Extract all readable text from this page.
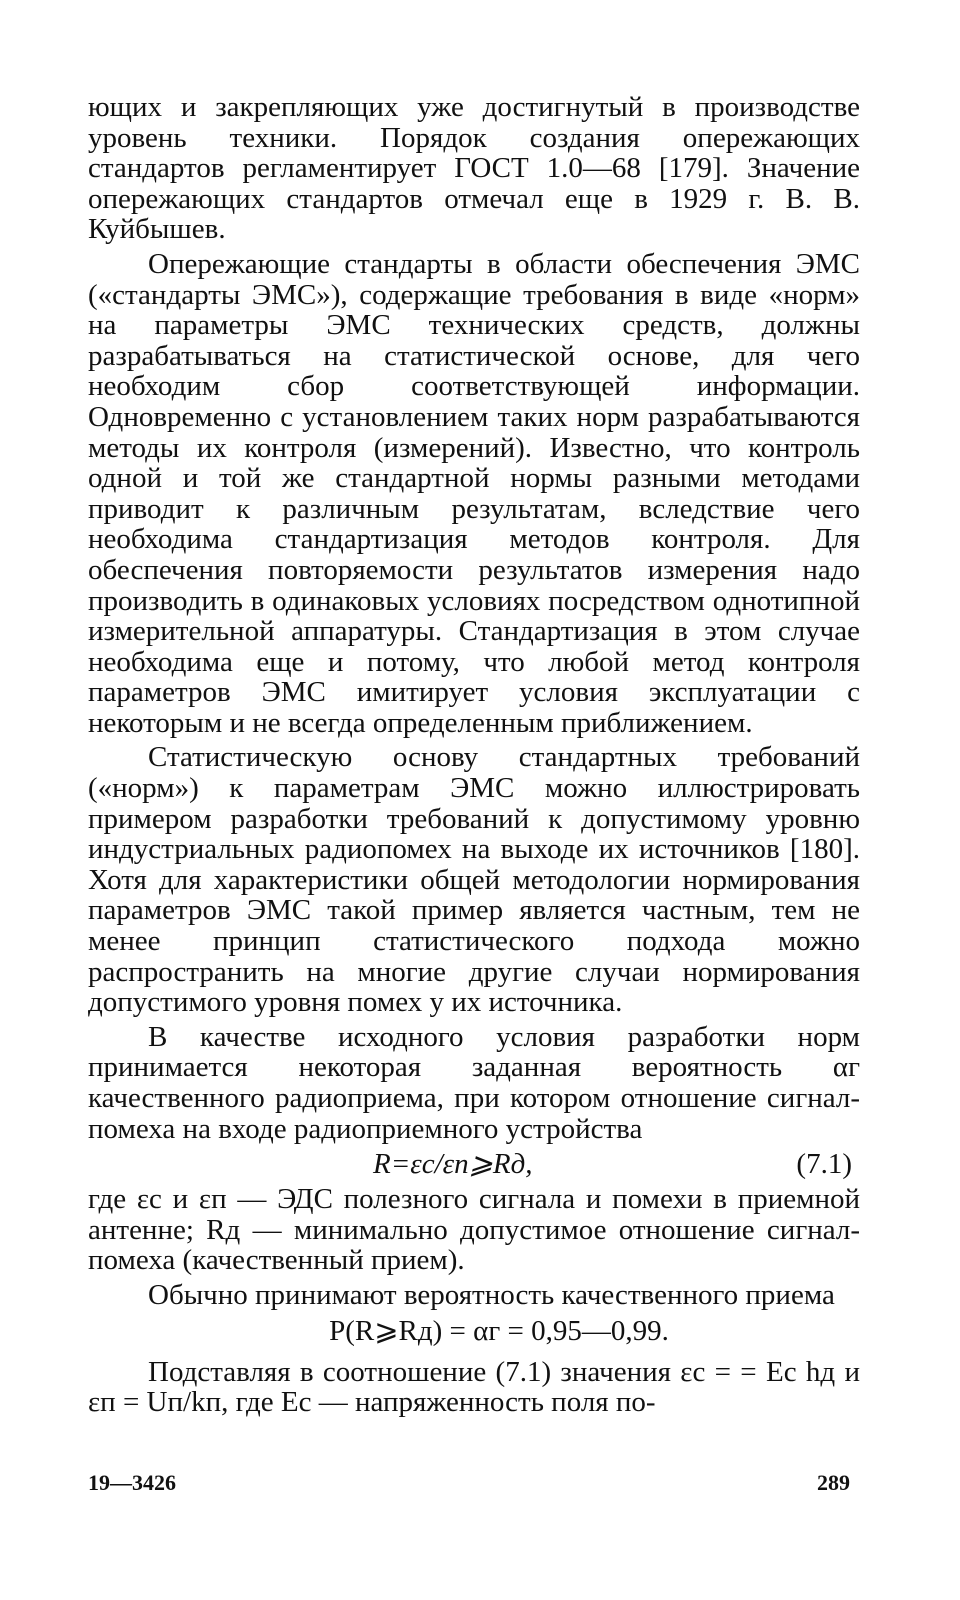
ющих и закрепляющих уже достигнутый в производстве уровень техники. Порядок создания опережающих стандартов регламентирует ГОСТ 1.0—68 [179]. Значение опережающих стандартов отмечал еще в 1929 г. В. В. Куйбышев.

Опережающие стандарты в области обеспечения ЭМС («стандарты ЭМС»), содержащие требования в виде «норм» на параметры ЭМС технических средств, должны разрабатываться на статистической основе, для чего необходим сбор соответствующей информации. Одновременно с установлением таких норм разрабатываются методы их контроля (измерений). Известно, что контроль одной и той же стандартной нормы разными методами приводит к различным результатам, вследствие чего необходима стандартизация методов контроля. Для обеспечения повторяемости результатов измерения надо производить в одинаковых условиях посредством однотипной измерительной аппаратуры. Стандартизация в этом случае необходима еще и потому, что любой метод контроля параметров ЭМС имитирует условия эксплуатации с некоторым и не всегда определенным приближением.

Статистическую основу стандартных требований («норм») к параметрам ЭМС можно иллюстрировать примером разработки требований к допустимому уровню индустриальных радиопомех на выходе их источников [180]. Хотя для характеристики общей методологии нормирования параметров ЭМС такой пример является частным, тем не менее принцип статистического подхода можно распространить на многие другие случаи нормирования допустимого уровня помех у их источника.

В качестве исходного условия разработки норм принимается некоторая заданная вероятность αг качественного радиоприема, при котором отношение сигнал-помеха на входе радиоприемного устройства

R=εс/εп⩾Rд,	(7.1)

где εс и εп — ЭДС полезного сигнала и помехи в приемной антенне; Rд — минимально допустимое отношение сигнал-помеха (качественный прием).

Обычно принимают вероятность качественного приема

P(R⩾Rд) = αг = 0,95—0,99.

Подставляя в соотношение (7.1) значения εс = = Eс hд и εп = Uп/kп, где Eс — напряженность поля по-

19—3426	289
